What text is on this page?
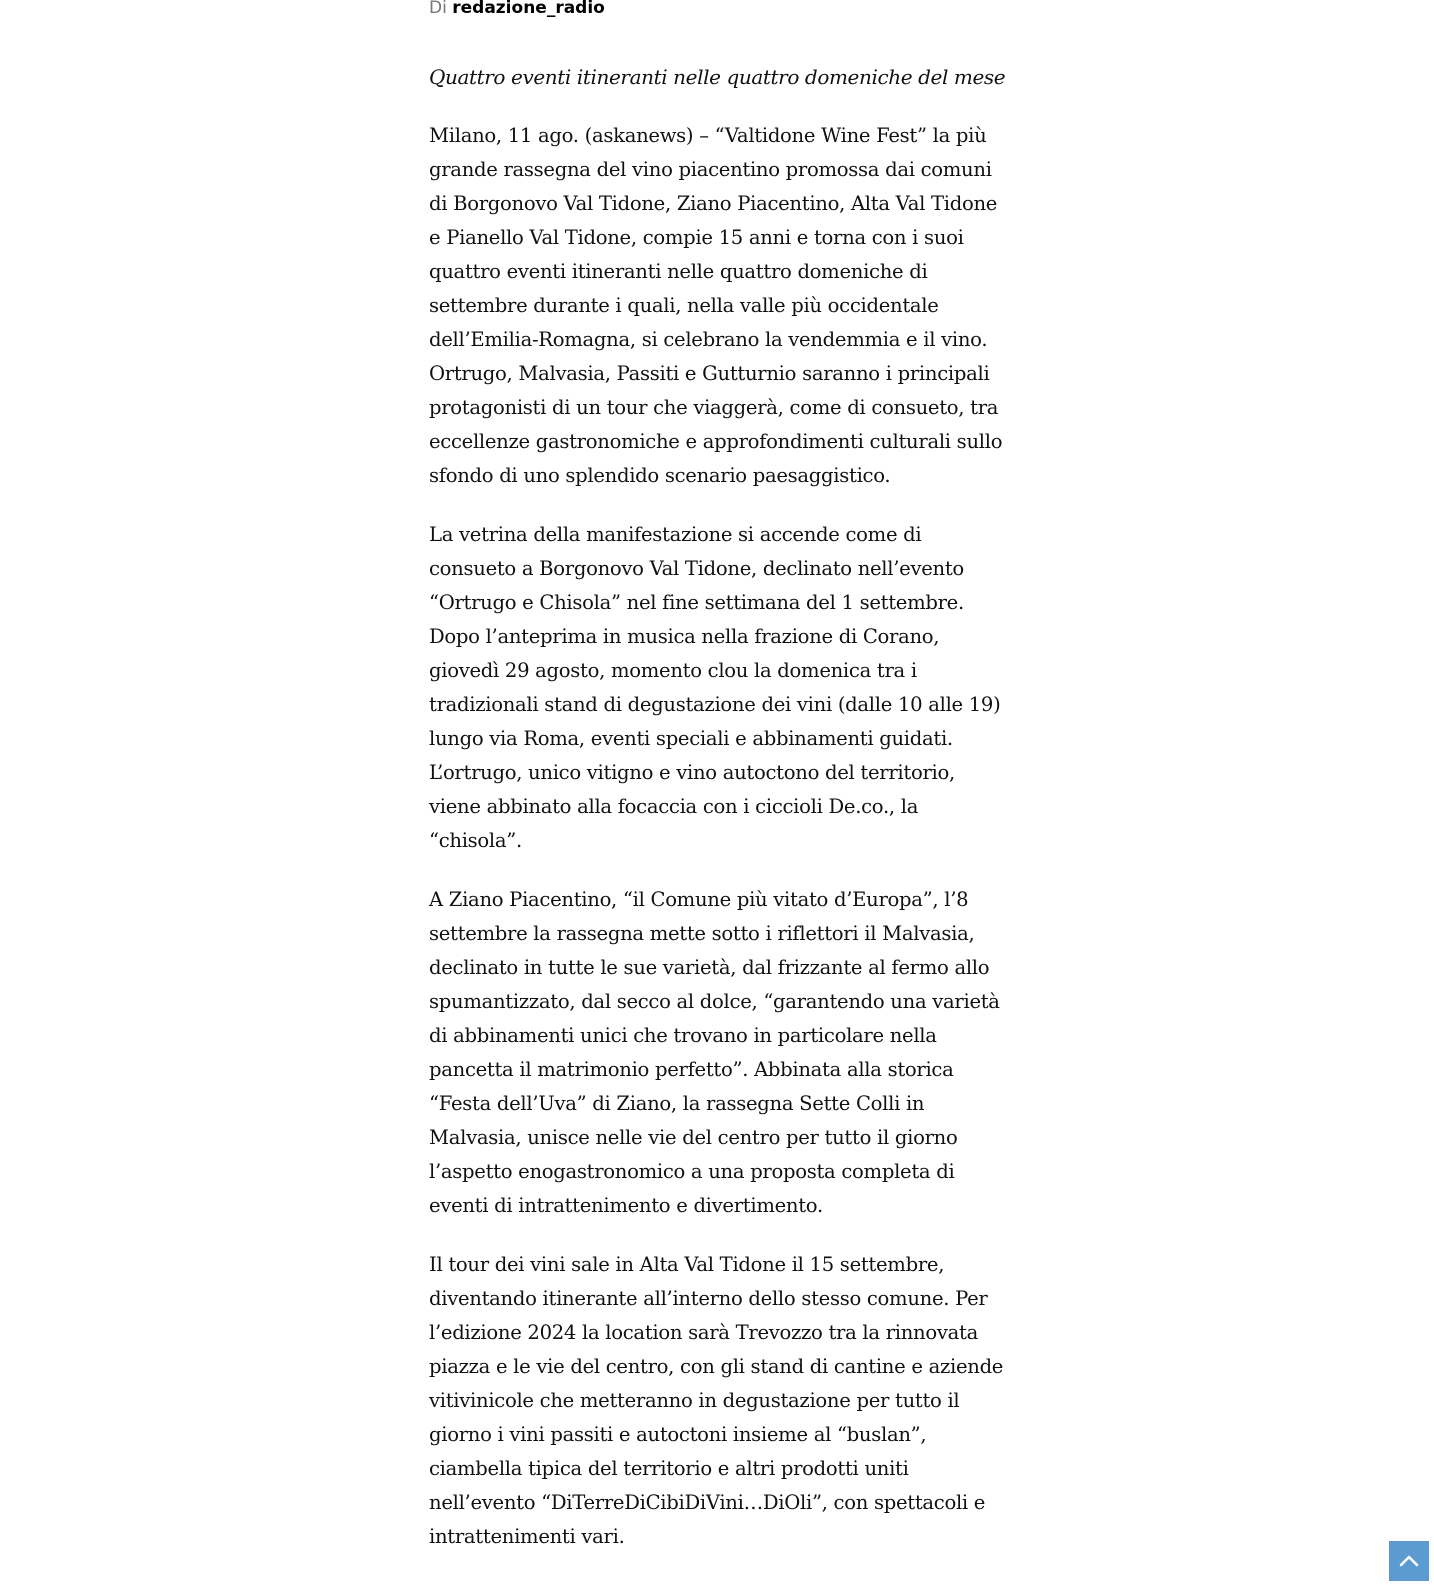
Di redazione_radio
Quattro eventi itineranti nelle quattro domeniche del mese

Milano, 11 ago. (askanews) – “Valtidone Wine Fest” la più grande rassegna del vino piacentino promossa dai comuni di Borgonovo Val Tidone, Ziano Piacentino, Alta Val Tidone e Pianello Val Tidone, compie 15 anni e torna con i suoi quattro eventi itineranti nelle quattro domeniche di settembre durante i quali, nella valle più occidentale dell’Emilia-Romagna, si celebrano la vendemmia e il vino. Ortrugo, Malvasia, Passiti e Gutturnio saranno i principali protagonisti di un tour che viaggerà, come di consueto, tra eccellenze gastronomiche e approfondimenti culturali sullo sfondo di uno splendido scenario paesaggistico.

La vetrina della manifestazione si accende come di consueto a Borgonovo Val Tidone, declinato nell’evento “Ortrugo e Chisola” nel fine settimana del 1 settembre. Dopo l’anteprima in musica nella frazione di Corano, giovedì 29 agosto, momento clou la domenica tra i tradizionali stand di degustazione dei vini (dalle 10 alle 19) lungo via Roma, eventi speciali e abbinamenti guidati. L’ortrugo, unico vitigno e vino autoctono del territorio, viene abbinato alla focaccia con i ciccioli De.co., la “chisola”.

A Ziano Piacentino, “il Comune più vitato d’Europa”, l’8 settembre la rassegna mette sotto i riflettori il Malvasia, declinato in tutte le sue varietà, dal frizzante al fermo allo spumantizzato, dal secco al dolce, “garantendo una varietà di abbinamenti unici che trovano in particolare nella pancetta il matrimonio perfetto”. Abbinata alla storica “Festa dell’Uva” di Ziano, la rassegna Sette Colli in Malvasia, unisce nelle vie del centro per tutto il giorno l’aspetto enogastronomico a una proposta completa di eventi di intrattenimento e divertimento.

Il tour dei vini sale in Alta Val Tidone il 15 settembre, diventando itinerante all’interno dello stesso comune. Per l’edizione 2024 la location sarà Trevozzo tra la rinnovata piazza e le vie del centro, con gli stand di cantine e aziende vitivinicole che metteranno in degustazione per tutto il giorno i vini passiti e autoctoni insieme al “buslan”, ciambella tipica del territorio e altri prodotti uniti nell’evento “DiTerreDiCibiDiVini…DiOli”, con spettacoli e intrattenimenti vari.
